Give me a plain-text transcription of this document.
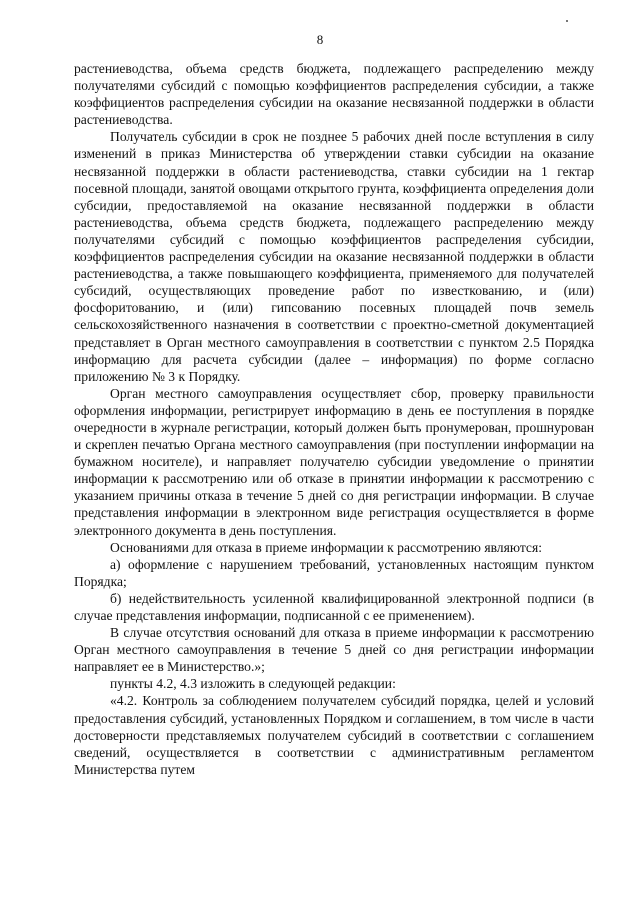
8

растениеводства, объема средств бюджета, подлежащего распределению между получателями субсидий с помощью коэффициентов распределения субсидии, а также коэффициентов распределения субсидии на оказание несвязанной поддержки в области растениеводства.

Получатель субсидии в срок не позднее 5 рабочих дней после вступления в силу изменений в приказ Министерства об утверждении ставки субсидии на оказание несвязанной поддержки в области растениеводства, ставки субсидии на 1 гектар посевной площади, занятой овощами открытого грунта, коэффициента определения доли субсидии, предоставляемой на оказание несвязанной поддержки в области растениеводства, объема средств бюджета, подлежащего распределению между получателями субсидий с помощью коэффициентов распределения субсидии, коэффициентов распределения субсидии на оказание несвязанной поддержки в области растениеводства, а также повышающего коэффициента, применяемого для получателей субсидий, осуществляющих проведение работ по известкованию, и (или) фосфоритованию, и (или) гипсованию посевных площадей почв земель сельскохозяйственного назначения в соответствии с проектно-сметной документацией представляет в Орган местного самоуправления в соответствии с пунктом 2.5 Порядка информацию для расчета субсидии (далее – информация) по форме согласно приложению № 3 к Порядку.

Орган местного самоуправления осуществляет сбор, проверку правильности оформления информации, регистрирует информацию в день ее поступления в порядке очередности в журнале регистрации, который должен быть пронумерован, прошнурован и скреплен печатью Органа местного самоуправления (при поступлении информации на бумажном носителе), и направляет получателю субсидии уведомление о принятии информации к рассмотрению или об отказе в принятии информации к рассмотрению с указанием причины отказа в течение 5 дней со дня регистрации информации. В случае представления информации в электронном виде регистрация осуществляется в форме электронного документа в день поступления.

Основаниями для отказа в приеме информации к рассмотрению являются:

а) оформление с нарушением требований, установленных настоящим пунктом Порядка;

б) недействительность усиленной квалифицированной электронной подписи (в случае представления информации, подписанной с ее применением).

В случае отсутствия оснований для отказа в приеме информации к рассмотрению Орган местного самоуправления в течение 5 дней со дня регистрации информации направляет ее в Министерство.»;

пункты 4.2, 4.3 изложить в следующей редакции:

«4.2. Контроль за соблюдением получателем субсидий порядка, целей и условий предоставления субсидий, установленных Порядком и соглашением, в том числе в части достоверности представляемых получателем субсидий в соответствии с соглашением сведений, осуществляется в соответствии с административным регламентом Министерства путем
